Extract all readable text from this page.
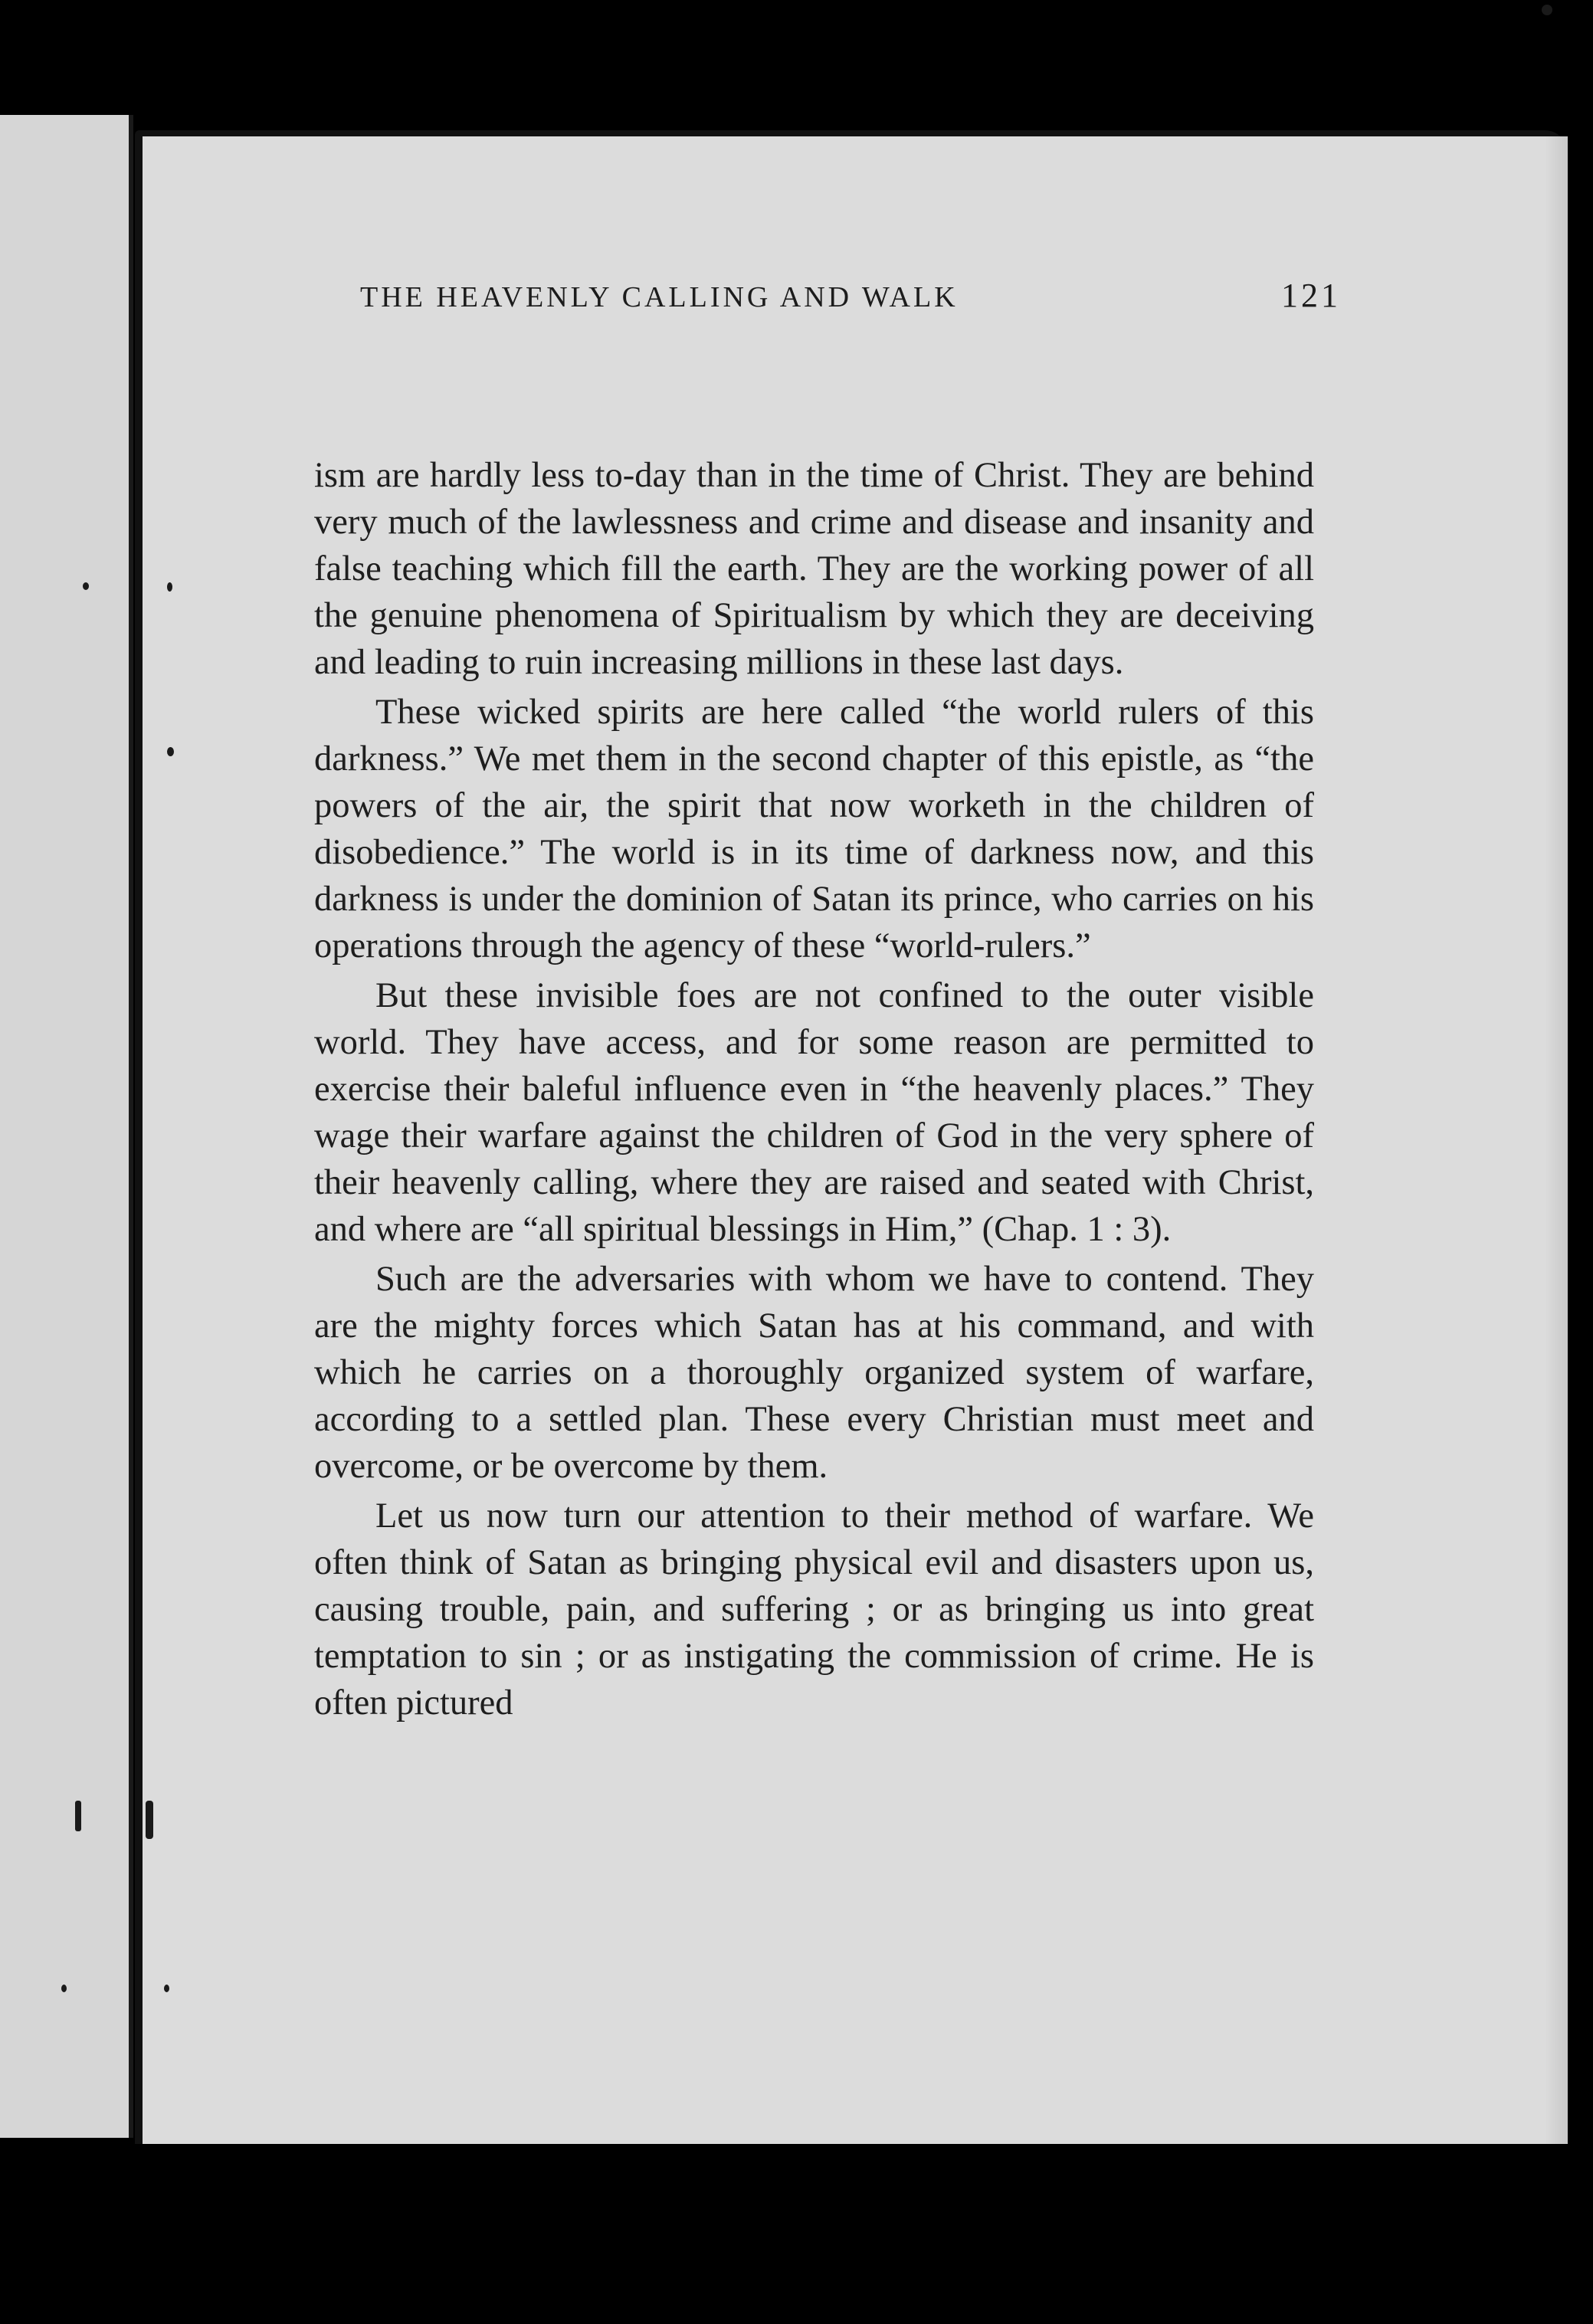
THE HEAVENLY CALLING AND WALK	121

ism are hardly less to-day than in the time of Christ. They are behind very much of the lawlessness and crime and disease and insanity and false teaching which fill the earth. They are the working power of all the genuine phenomena of Spiritualism by which they are deceiving and leading to ruin increasing millions in these last days.

These wicked spirits are here called “the world rulers of this darkness.” We met them in the second chapter of this epistle, as “the powers of the air, the spirit that now worketh in the children of disobedience.” The world is in its time of darkness now, and this darkness is under the dominion of Satan its prince, who carries on his operations through the agency of these “world-rulers.”

But these invisible foes are not confined to the outer visible world. They have access, and for some reason are permitted to exercise their baleful influence even in “the heavenly places.” They wage their warfare against the children of God in the very sphere of their heavenly calling, where they are raised and seated with Christ, and where are “all spiritual blessings in Him,” (Chap. 1 : 3).

Such are the adversaries with whom we have to contend. They are the mighty forces which Satan has at his command, and with which he carries on a thoroughly organized system of warfare, according to a settled plan. These every Christian must meet and overcome, or be overcome by them.

Let us now turn our attention to their method of warfare. We often think of Satan as bringing physical evil and disasters upon us, causing trouble, pain, and suffering ; or as bringing us into great temptation to sin ; or as instigating the commission of crime. He is often pictured
